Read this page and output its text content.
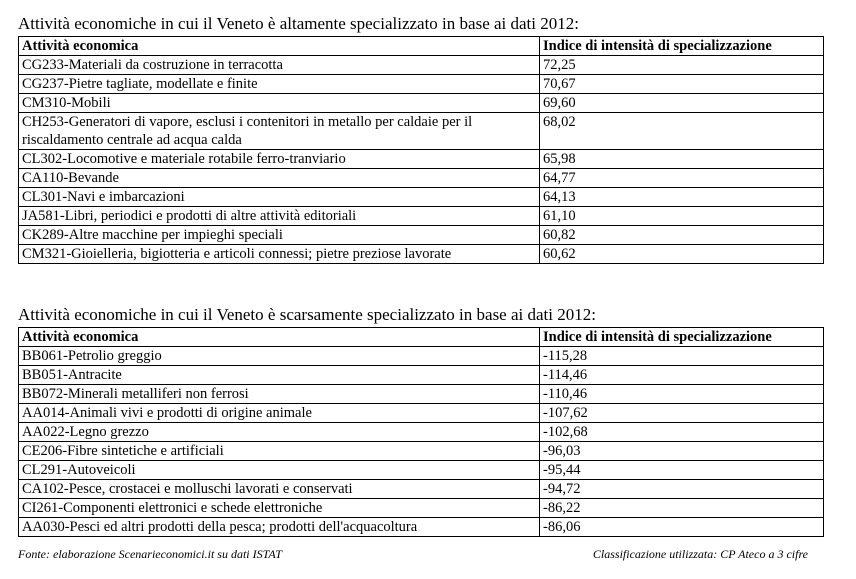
Attività economiche in cui il Veneto è altamente specializzato in base ai dati 2012:
Attività economica	Indice di intensità di specializzazione
CG233-Materiali da costruzione in terracotta	72,25
CG237-Pietre tagliate, modellate e finite	70,67
CM310-Mobili	69,60
CH253-Generatori di vapore, esclusi i contenitori in metallo per caldaie per il riscaldamento centrale ad acqua calda	68,02
CL302-Locomotive e materiale rotabile ferro-tranviario	65,98
CA110-Bevande	64,77
CL301-Navi e imbarcazioni	64,13
JA581-Libri, periodici e prodotti di altre attività editoriali	61,10
CK289-Altre macchine per impieghi speciali	60,82
CM321-Gioielleria, bigiotteria e articoli connessi; pietre preziose lavorate	60,62
Attività economiche in cui il Veneto è scarsamente specializzato in base ai dati 2012:
Attività economica	Indice di intensità di specializzazione
BB061-Petrolio greggio	-115,28
BB051-Antracite	-114,46
BB072-Minerali metalliferi non ferrosi	-110,46
AA014-Animali vivi e prodotti di origine animale	-107,62
AA022-Legno grezzo	-102,68
CE206-Fibre sintetiche e artificiali	-96,03
CL291-Autoveicoli	-95,44
CA102-Pesce, crostacei e molluschi lavorati e conservati	-94,72
CI261-Componenti elettronici e schede elettroniche	-86,22
AA030-Pesci ed altri prodotti della pesca; prodotti dell'acquacoltura	-86,06
Fonte: elaborazione Scenarieconomici.it su dati ISTAT	Classificazione utilizzata: CP Ateco a 3 cifre
